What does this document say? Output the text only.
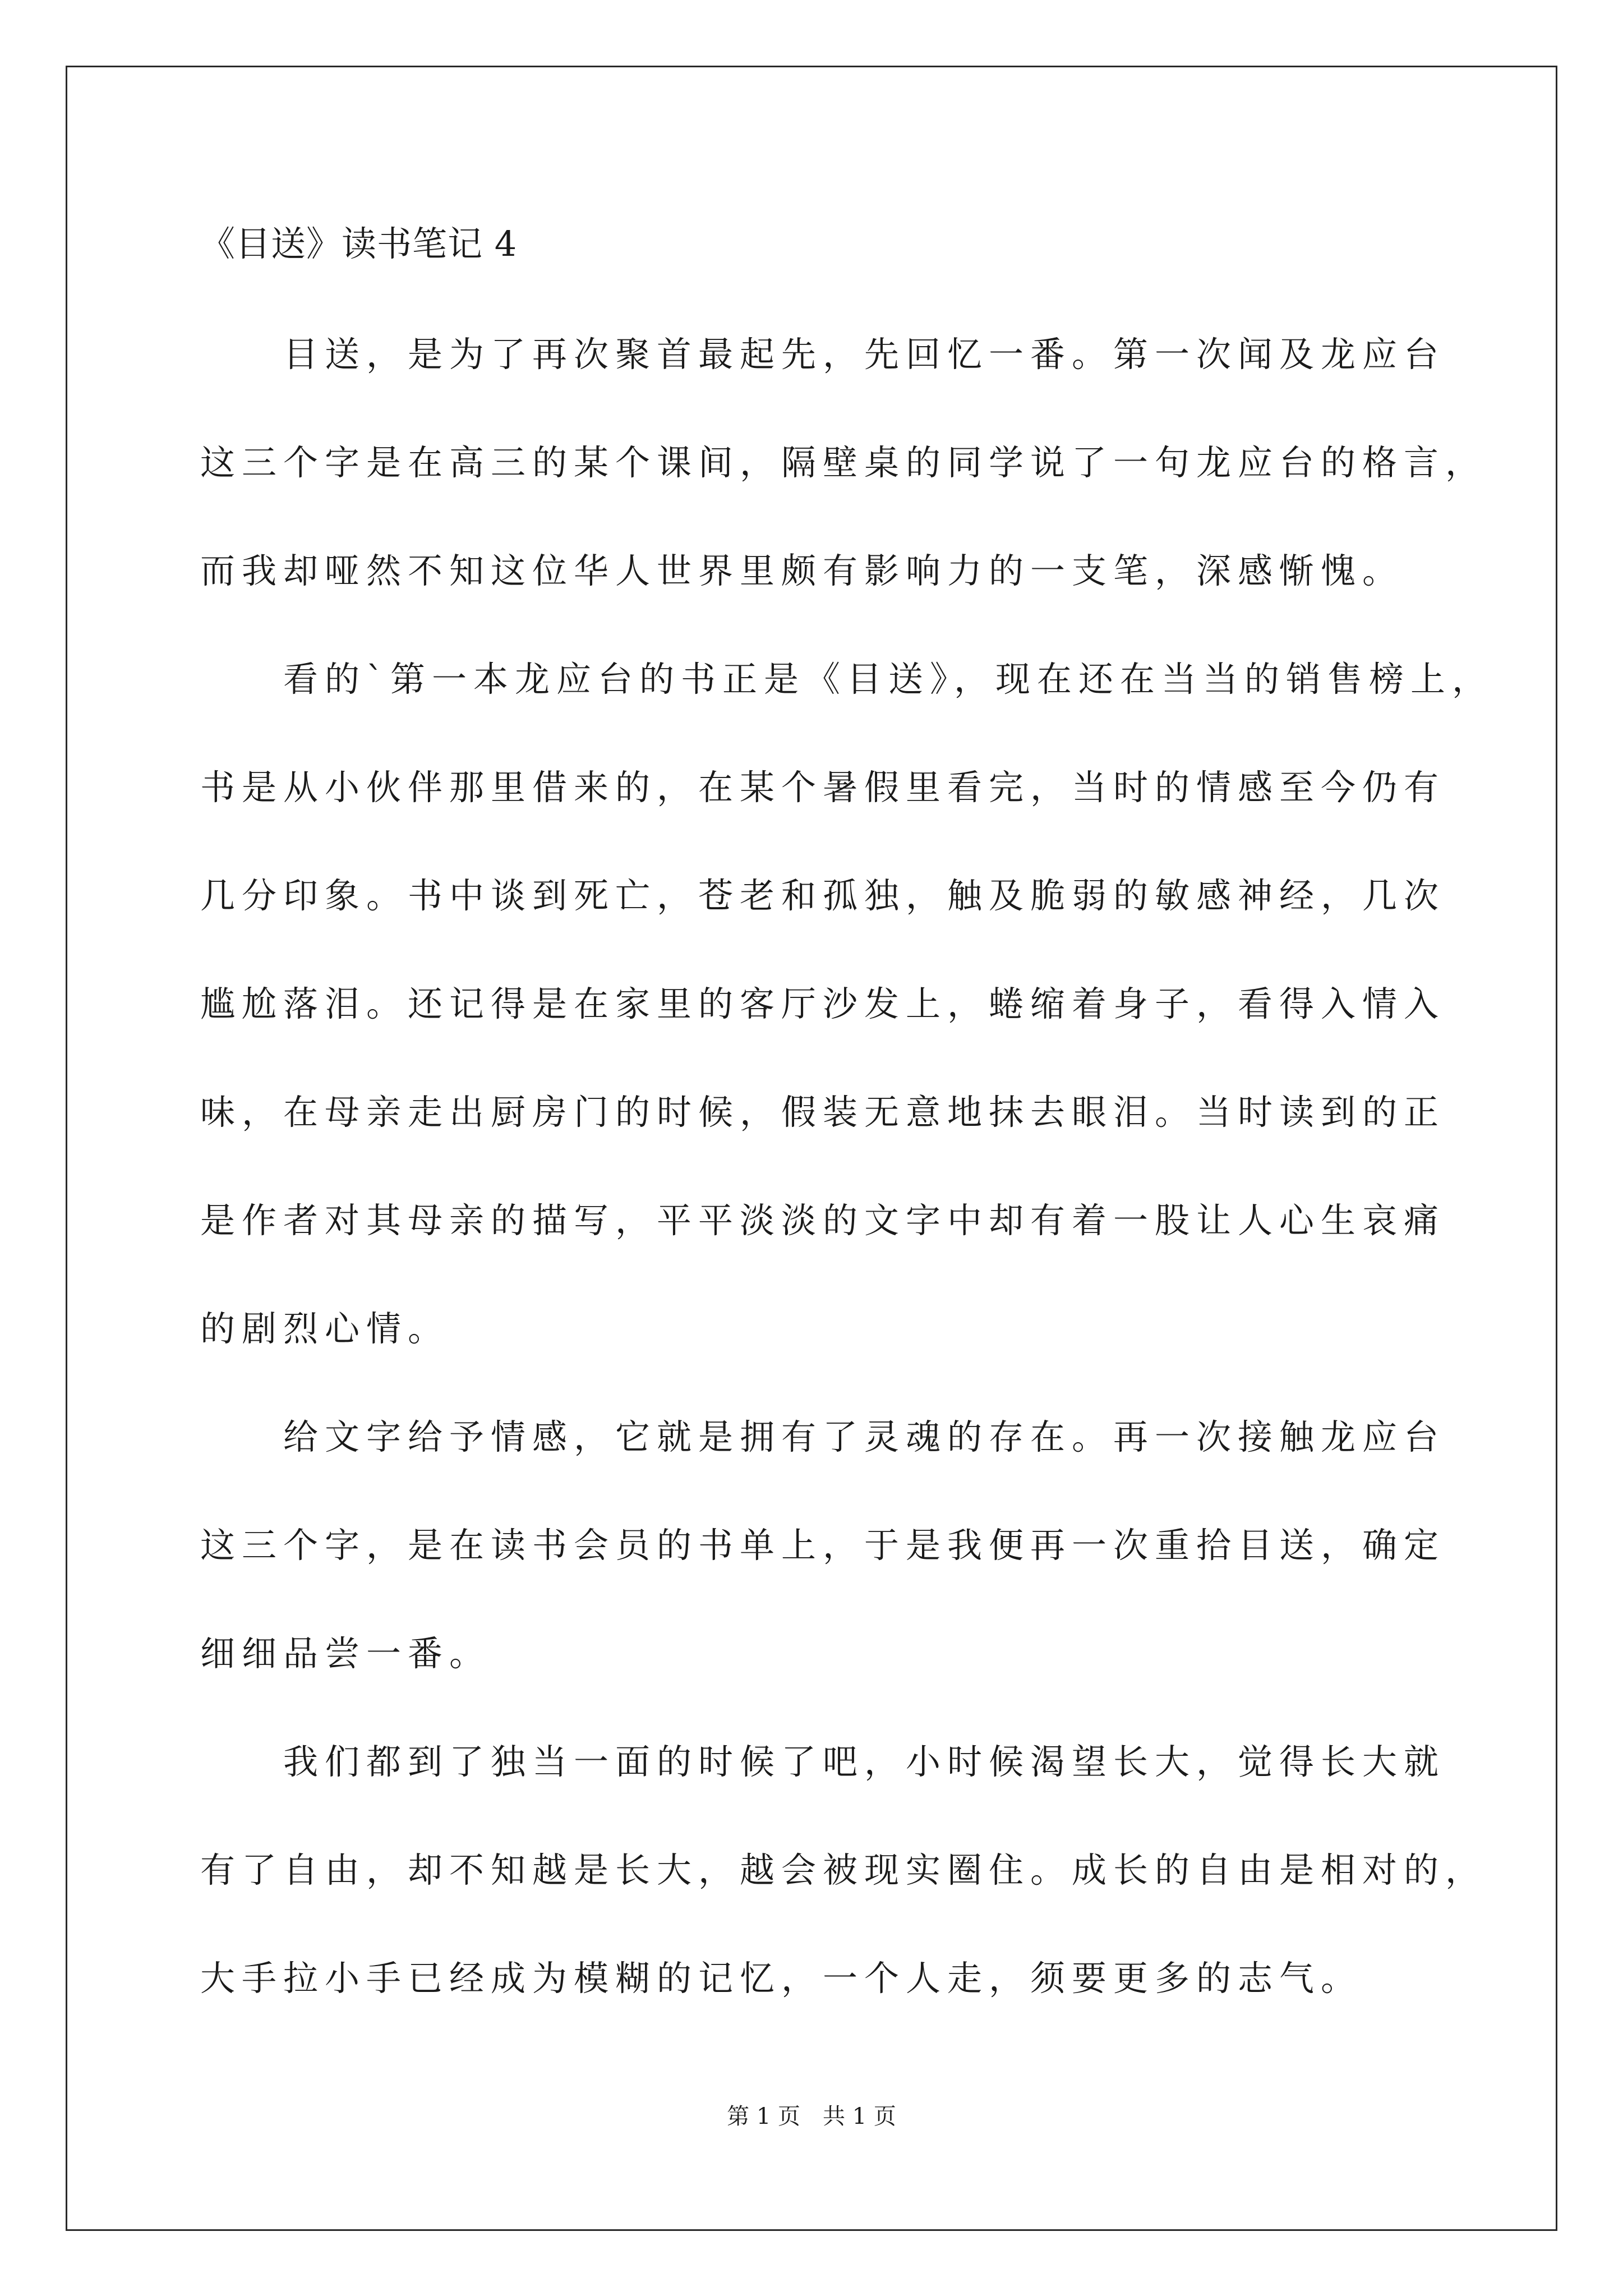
《目送》读书笔记 4
　　目送，是为了再次聚首最起先，先回忆一番。第一次闻及龙应台
这三个字是在高三的某个课间，隔壁桌的同学说了一句龙应台的格言，
而我却哑然不知这位华人世界里颇有影响力的一支笔，深感惭愧。
　　看的`第一本龙应台的书正是《目送》，现在还在当当的销售榜上，
书是从小伙伴那里借来的，在某个暑假里看完，当时的情感至今仍有
几分印象。书中谈到死亡，苍老和孤独，触及脆弱的敏感神经，几次
尴尬落泪。还记得是在家里的客厅沙发上，蜷缩着身子，看得入情入
味，在母亲走出厨房门的时候，假装无意地抹去眼泪。当时读到的正
是作者对其母亲的描写，平平淡淡的文字中却有着一股让人心生哀痛
的剧烈心情。
　　给文字给予情感，它就是拥有了灵魂的存在。再一次接触龙应台
这三个字，是在读书会员的书单上，于是我便再一次重拾目送，确定
细细品尝一番。
　　我们都到了独当一面的时候了吧，小时候渴望长大，觉得长大就
有了自由，却不知越是长大，越会被现实圈住。成长的自由是相对的，
大手拉小手已经成为模糊的记忆，一个人走，须要更多的志气。
第 1 页　共 1 页
